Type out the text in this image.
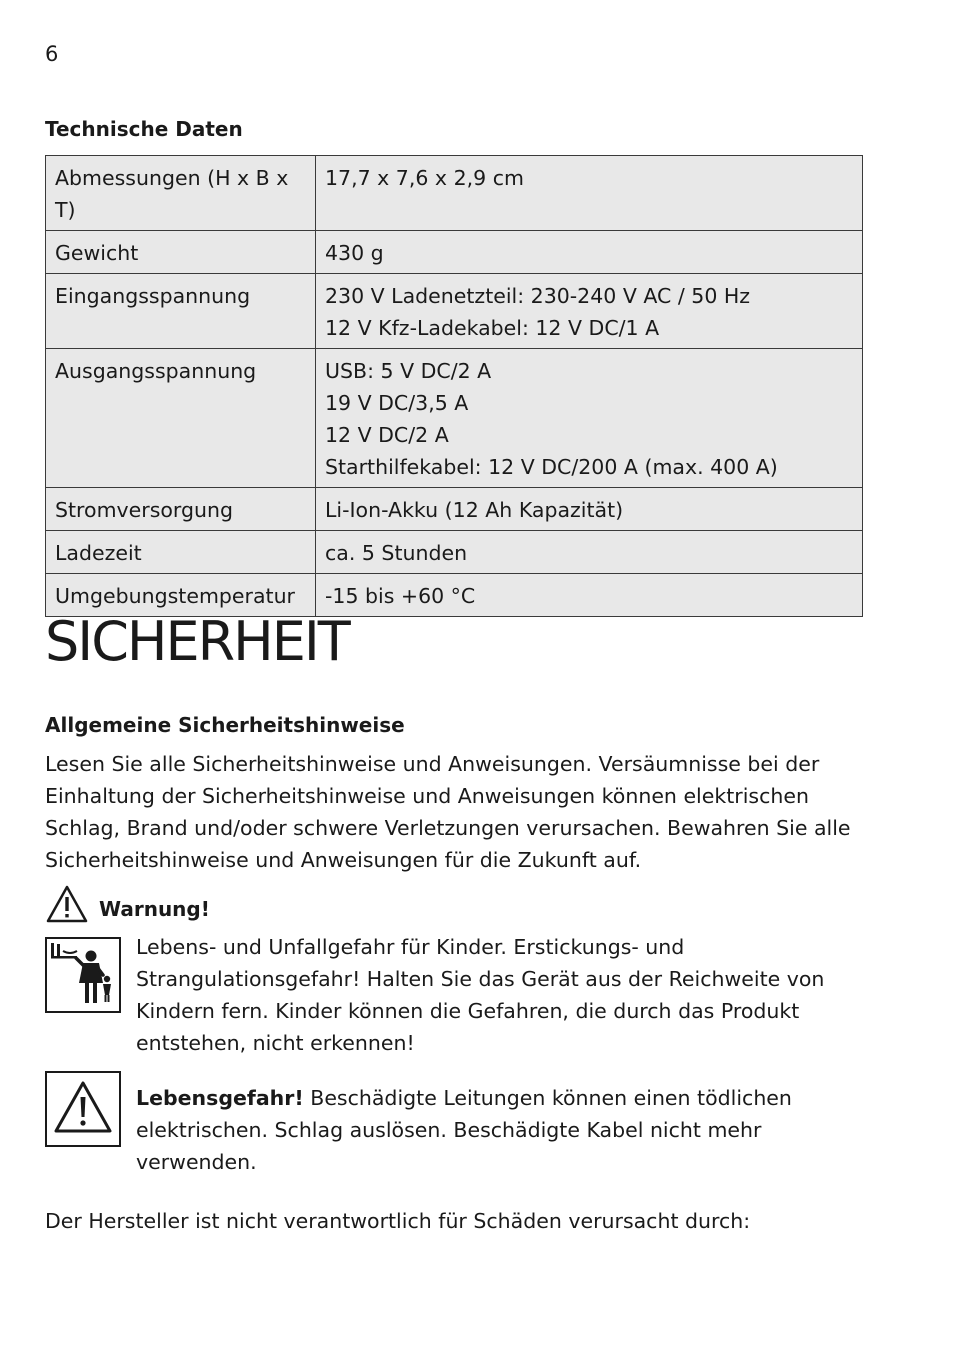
6
Technische Daten
Abmessungen (H x B x T)	17,7 x 7,6 x 2,9 cm
Gewicht	430 g
Eingangsspannung	230 V Ladenetzteil: 230-240 V AC / 50 Hz
12 V Kfz-Ladekabel: 12 V DC/1 A
Ausgangsspannung	USB: 5 V DC/2 A
19 V DC/3,5 A
12 V DC/2 A
Starthilfekabel: 12 V DC/200 A (max. 400 A)
Stromversorgung	Li-Ion-Akku (12 Ah Kapazität)
Ladezeit	ca. 5 Stunden
Umgebungstemperatur	-15 bis +60 °C
SICHERHEIT
Allgemeine Sicherheitshinweise

Lesen Sie alle Sicherheitshinweise und Anweisungen. Versäumnisse bei der Einhaltung der Sicherheitshinweise und Anweisungen können elektrischen Schlag, Brand und/oder schwere Verletzungen verursachen. Bewahren Sie alle Sicherheitshinweise und Anweisungen für die Zukunft auf.

Warnung!

Lebens- und Unfallgefahr für Kinder. Erstickungs- und Strangulationsgefahr! Halten Sie das Gerät aus der Reichweite von Kindern fern. Kinder können die Gefahren, die durch das Produkt entstehen, nicht erkennen!

Lebensgefahr! Beschädigte Leitungen können einen tödlichen elektrischen. Schlag auslösen. Beschädigte Kabel nicht mehr verwenden.

Der Hersteller ist nicht verantwortlich für Schäden verursacht durch:
